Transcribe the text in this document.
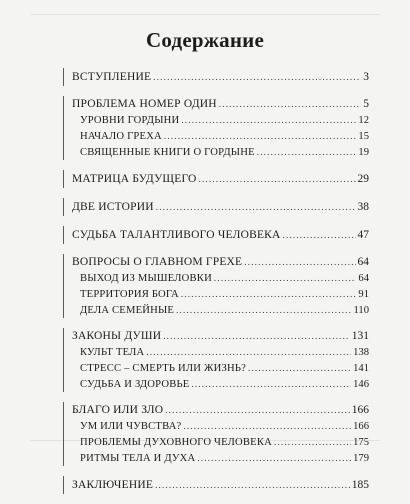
Содержание
ВСТУПЛЕНИЕ .....	3
ПРОБЛЕМА НОМЕР ОДИН .....	5
УРОВНИ ГОРДЫНИ .....	12
НАЧАЛО ГРЕХА .....	15
СВЯЩЕННЫЕ КНИГИ О ГОРДЫНЕ .....	19
МАТРИЦА БУДУЩЕГО .....	29
ДВЕ ИСТОРИИ .....	38
СУДЬБА ТАЛАНТЛИВОГО ЧЕЛОВЕКА .....	47
ВОПРОСЫ О ГЛАВНОМ ГРЕХЕ .....	64
ВЫХОД ИЗ МЫШЕЛОВКИ .....	64
ТЕРРИТОРИЯ БОГА .....	91
ДЕЛА СЕМЕЙНЫЕ .....	110
ЗАКОНЫ ДУШИ .....	131
КУЛЬТ ТЕЛА .....	138
СТРЕСС – СМЕРТЬ ИЛИ ЖИЗНЬ? .....	141
СУДЬБА И ЗДОРОВЬЕ .....	146
БЛАГО ИЛИ ЗЛО .....	166
УМ ИЛИ ЧУВСТВА? .....	166
ПРОБЛЕМЫ ДУХОВНОГО ЧЕЛОВЕКА .....	175
РИТМЫ ТЕЛА И ДУХА .....	179
ЗАКЛЮЧЕНИЕ .....	185
